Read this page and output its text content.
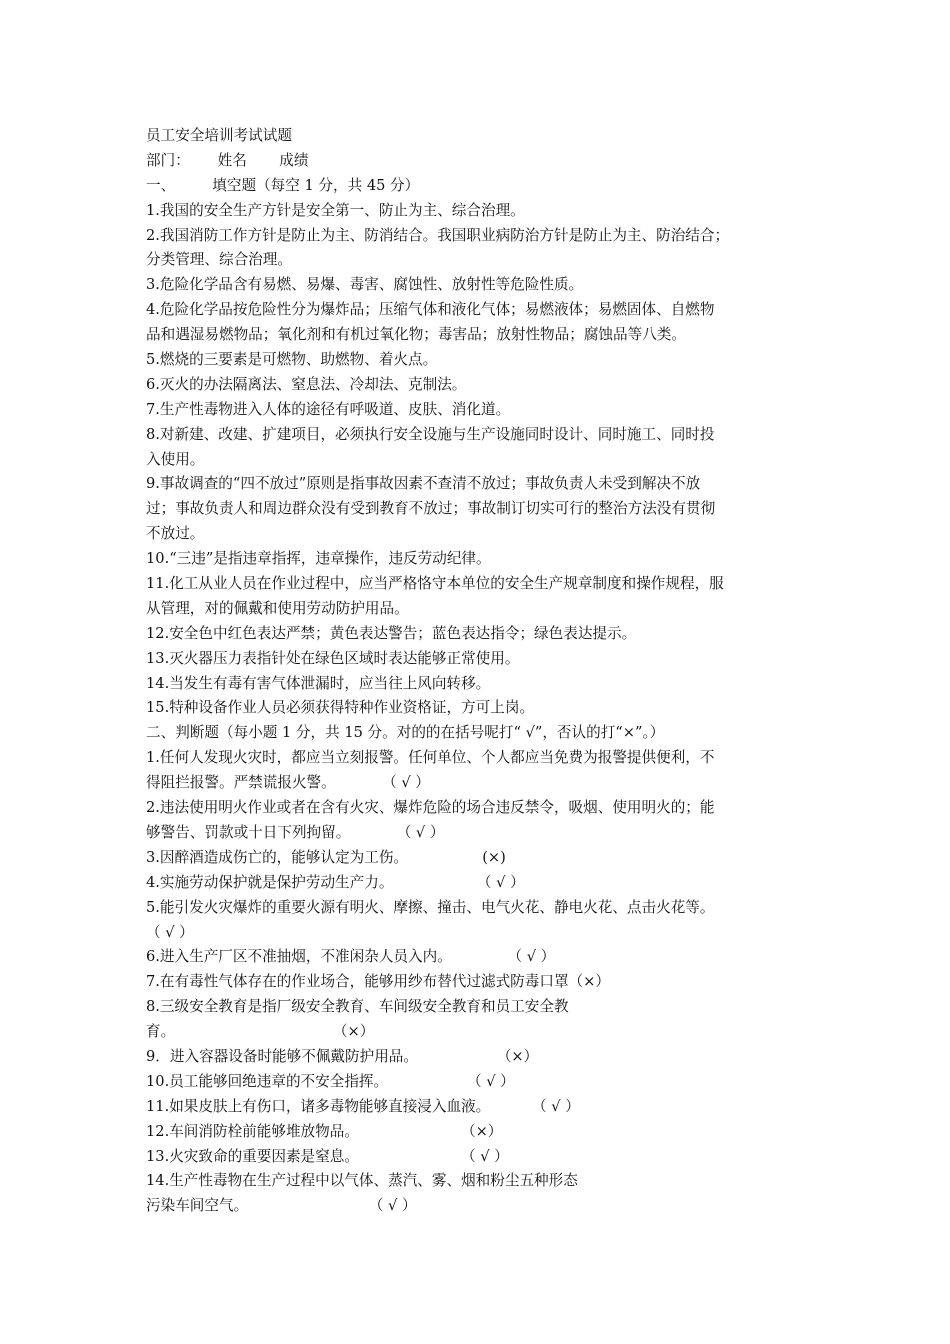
员工安全培训考试试题
部门：      姓名       成绩
一、        填空题（每空 1 分，共 45 分）
1.我国的安全生产方针是安全第一、防止为主、综合治理。
2.我国消防工作方针是防止为主、防消结合。我国职业病防治方针是防止为主、防治结合；
分类管理、综合治理。
3.危险化学品含有易燃、易爆、毒害、腐蚀性、放射性等危险性质。
4.危险化学品按危险性分为爆炸品；压缩气体和液化气体；易燃液体；易燃固体、自燃物
品和遇湿易燃物品；氧化剂和有机过氧化物；毒害品；放射性物品；腐蚀品等八类。
5.燃烧的三要素是可燃物、助燃物、着火点。
6.灭火的办法隔离法、窒息法、冷却法、克制法。
7.生产性毒物进入人体的途径有呼吸道、皮肤、消化道。
8.对新建、改建、扩建项目，必须执行安全设施与生产设施同时设计、同时施工、同时投
入使用。
9.事故调查的“四不放过”原则是指事故因素不查清不放过；事故负责人未受到解决不放
过；事故负责人和周边群众没有受到教育不放过；事故制订切实可行的整治方法没有贯彻
不放过。
10.“三违”是指违章指挥，违章操作，违反劳动纪律。
11.化工从业人员在作业过程中，应当严格恪守本单位的安全生产规章制度和操作规程，服
从管理，对的佩戴和使用劳动防护用品。
12.安全色中红色表达严禁；黄色表达警告；蓝色表达指令；绿色表达提示。
13.灭火器压力表指针处在绿色区域时表达能够正常使用。
14.当发生有毒有害气体泄漏时，应当往上风向转移。
15.特种设备作业人员必须获得特种作业资格证，方可上岗。
二、判断题（每小题 1 分，共 15 分。对的的在括号呢打“ √”，否认的打“×”。）
1.任何人发现火灾时，都应当立刻报警。任何单位、个人都应当免费为报警提供便利，不
得阻拦报警。严禁谎报火警。          （ √ ）
2.违法使用明火作业或者在含有火灾、爆炸危险的场合违反禁令，吸烟、使用明火的；能
够警告、罚款或十日下列拘留。          （ √ ）
3.因醉酒造成伤亡的，能够认定为工伤。                (×)
4.实施劳动保护就是保护劳动生产力。                  （ √ ）
5.能引发火灾爆炸的重要火源有明火、摩擦、撞击、电气火花、静电火花、点击火花等。
（ √ ）
6.进入生产厂区不准抽烟，不准闲杂人员入内。            （ √ ）
7.在有毒性气体存在的作业场合，能够用纱布替代过滤式防毒口罩（×）
8.三级安全教育是指厂级安全教育、车间级安全教育和员工安全教
育。                                  （×）
9．进入容器设备时能够不佩戴防护用品。                 （×）
10.员工能够回绝违章的不安全指挥。                 （ √ ）
11.如果皮肤上有伤口，诸多毒物能够直接浸入血液。         （ √ ）
12.车间消防栓前能够堆放物品。                      （×）
13.火灾致命的重要因素是窒息。                      （ √ ）
14.生产性毒物在生产过程中以气体、蒸汽、雾、烟和粉尘五种形态
污染车间空气。                          （ √ ）
